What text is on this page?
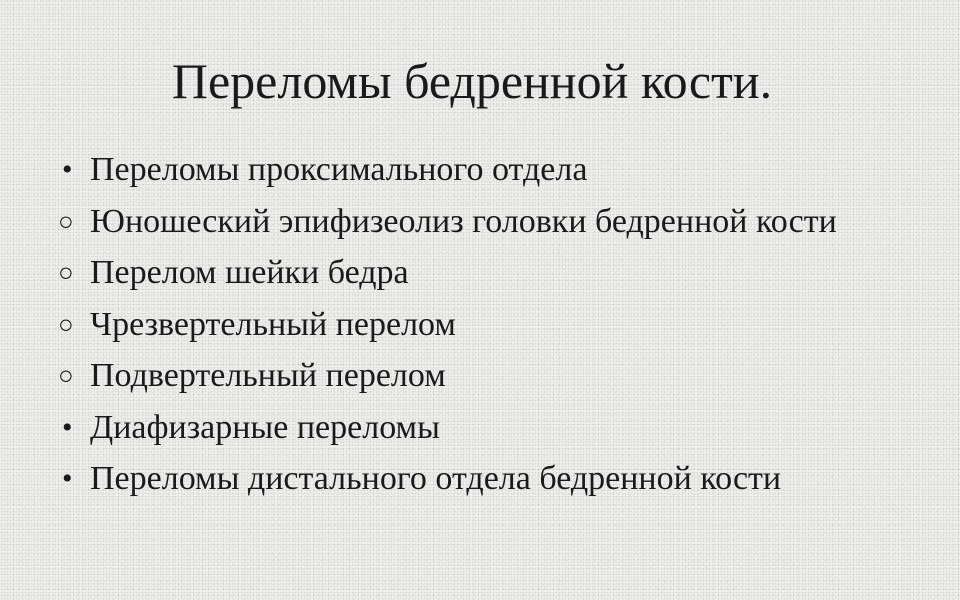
Переломы бедренной кости.
• Переломы проксимального отдела
○ Юношеский эпифизеолиз головки бедренной кости
○ Перелом шейки бедра
○ Чрезвертельный перелом
○ Подвертельный перелом
• Диафизарные переломы
• Переломы дистального отдела бедренной кости
